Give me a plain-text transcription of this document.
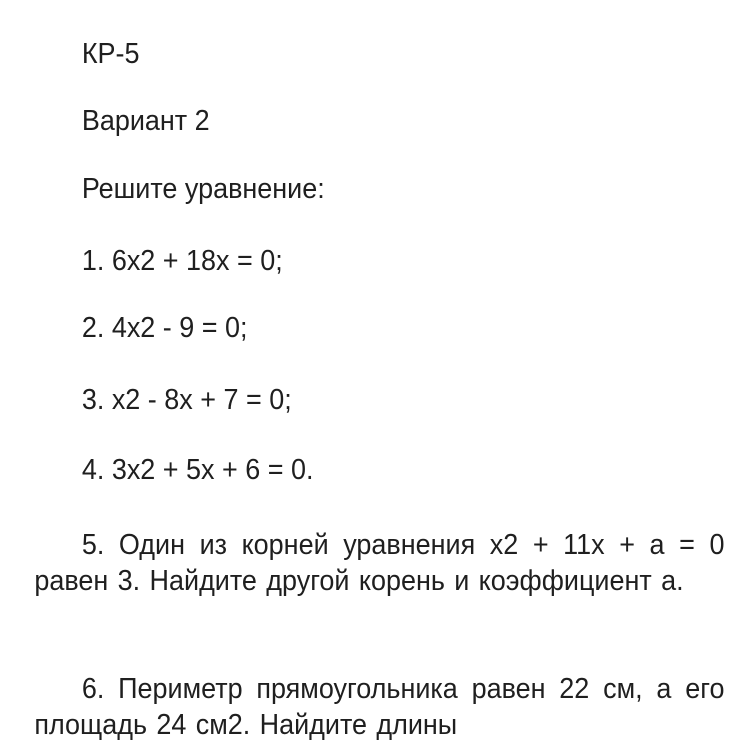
КР-5
Вариант 2
Решите уравнение:
1. 6х2 + 18х = 0;
2. 4х2 - 9 = 0;
3. х2 - 8х + 7 = 0;
4. 3х2 + 5х + 6 = 0.
5. Один из корней уравнения х2 + 11х + а = 0 равен 3. Найдите другой корень и коэффициент а.
6. Периметр прямоугольника равен 22 см, а его площадь 24 см2. Найдите длины
